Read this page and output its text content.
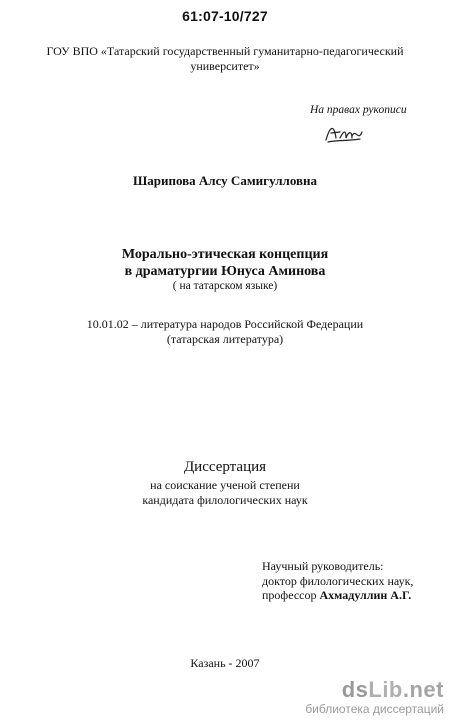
61:07-10/727
ГОУ ВПО «Татарский государственный гуманитарно-педагогический
университет»
На правах рукописи
Шарипова Алсу Самигулловна
Морально-этическая концепция
в драматургии Юнуса Аминова
( на татарском языке)
10.01.02 – литература народов Российской Федерации
(татарская литература)
Диссертация
на соискание ученой степени
кандидата филологических наук
Научный руководитель:
доктор филологических наук,
профессор Ахмадуллин А.Г.
Казань - 2007
dsLib.net
библиотека диссертаций
